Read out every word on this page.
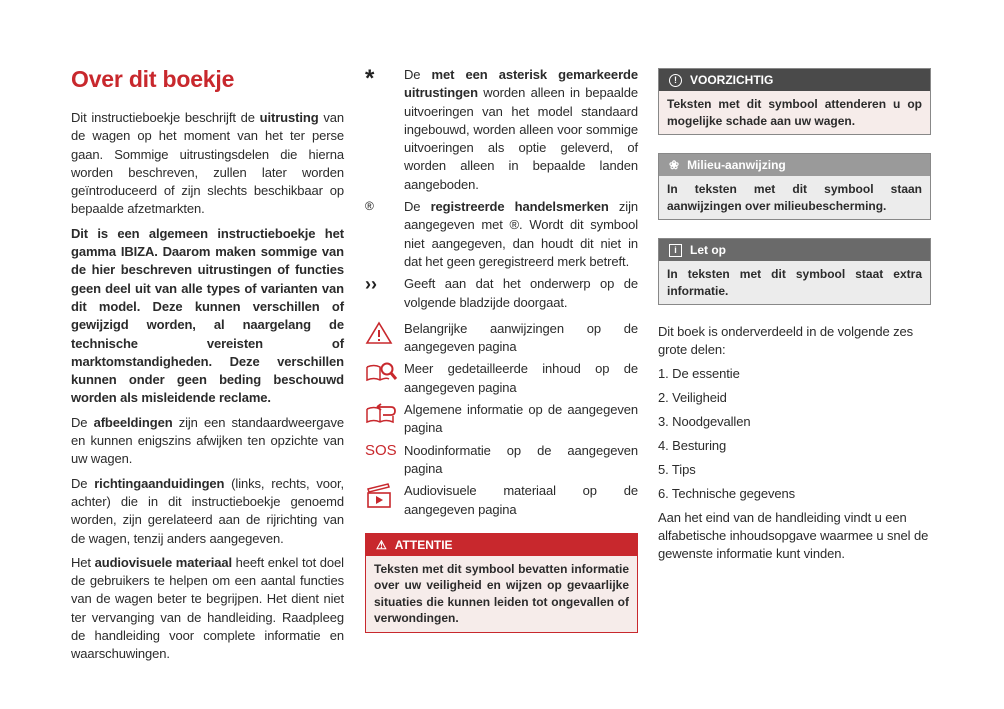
Over dit boekje

Dit instructieboekje beschrijft de uitrusting van de wagen op het moment van het ter perse gaan. Sommige uitrustingsdelen die hierna worden beschreven, zullen later worden geïntroduceerd of zijn slechts beschikbaar op bepaalde afzetmarkten.

Dit is een algemeen instructieboekje het gamma IBIZA. Daarom maken sommige van de hier beschreven uitrustingen of functies geen deel uit van alle types of varianten van dit model. Deze kunnen verschillen of gewijzigd worden, al naargelang de technische vereisten of marktomstandigheden. Deze verschillen kunnen onder geen beding beschouwd worden als misleidende reclame.

De afbeeldingen zijn een standaardweergave en kunnen enigszins afwijken ten opzichte van uw wagen.

De richtingaanduidingen (links, rechts, voor, achter) die in dit instructieboekje genoemd worden, zijn gerelateerd aan de rijrichting van de wagen, tenzij anders aangegeven.

Het audiovisuele materiaal heeft enkel tot doel de gebruikers te helpen om een aantal functies van de wagen beter te begrijpen. Het dient niet ter vervanging van de handleiding. Raadpleeg de handleiding voor complete informatie en waarschuwingen.

*	De met een asterisk gemarkeerde uitrustingen worden alleen in bepaalde uitvoeringen van het model standaard ingebouwd, worden alleen voor sommige uitvoeringen als optie geleverd, of worden alleen in bepaalde landen aangeboden.

®	De registreerde handelsmerken zijn aangegeven met ®. Wordt dit symbool niet aangegeven, dan houdt dit niet in dat het geen geregistreerd merk betreft.

››	Geeft aan dat het onderwerp op de volgende bladzijde doorgaat.

Belangrijke aanwijzingen op de aangegeven pagina

Meer gedetailleerde inhoud op de aangegeven pagina

Algemene informatie op de aangegeven pagina

SOS Noodinformatie op de aangegeven pagina

Audiovisuele materiaal op de aangegeven pagina

⚠ ATTENTIE
Teksten met dit symbool bevatten informatie over uw veiligheid en wijzen op gevaarlijke situaties die kunnen leiden tot ongevallen of verwondingen.
!	VOORZICHTIG
Teksten met dit symbool attenderen u op mogelijke schade aan uw wagen.
❀ Milieu-aanwijzing
In teksten met dit symbool staan aanwijzingen over milieubescherming.
i	Let op
In teksten met dit symbool staat extra informatie.

Dit boek is onderverdeeld in de volgende zes grote delen:

1. De essentie

2. Veiligheid

3. Noodgevallen

4. Besturing

5. Tips

6. Technische gegevens

Aan het eind van de handleiding vindt u een alfabetische inhoudsopgave waarmee u snel de gewenste informatie kunt vinden.
